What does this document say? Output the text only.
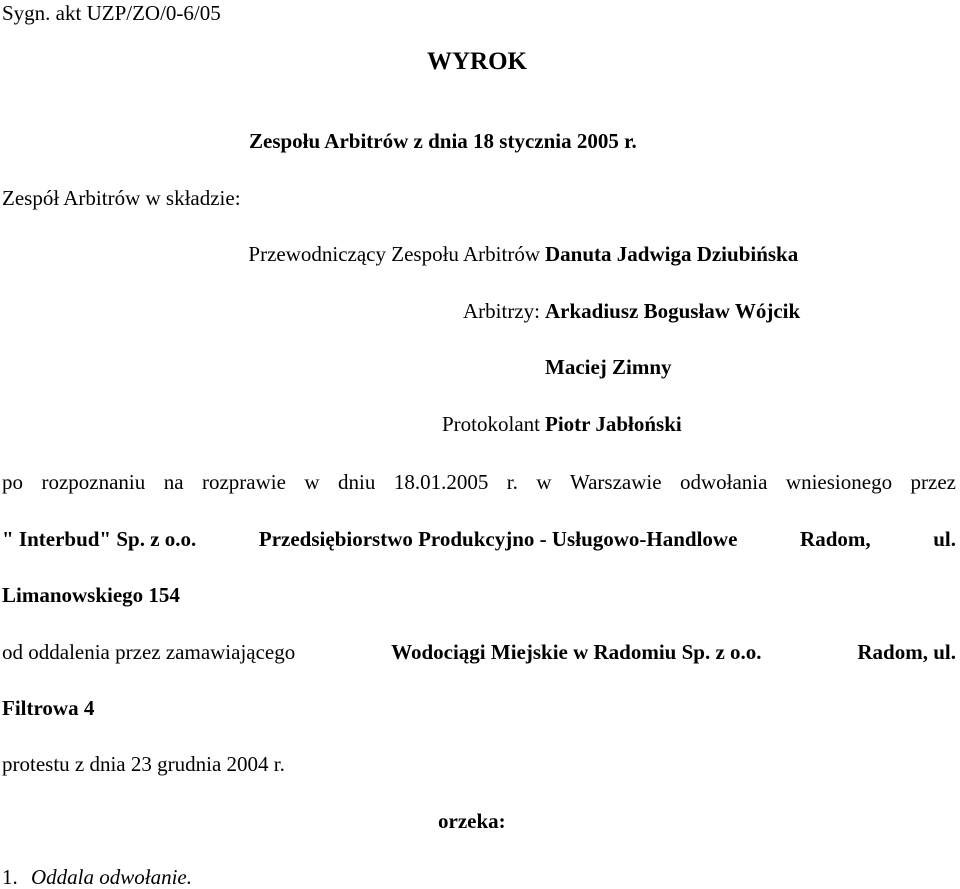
Sygn. akt UZP/ZO/0-6/05
WYROK
Zespołu Arbitrów z dnia 18 stycznia 2005 r.
Zespół Arbitrów w składzie:
Przewodniczący Zespołu Arbitrów Danuta Jadwiga Dziubińska
Arbitrzy: Arkadiusz Bogusław Wójcik
Maciej Zimny
Protokolant Piotr Jabłoński
po rozpoznaniu na rozprawie w dniu 18.01.2005 r. w Warszawie odwołania wniesionego przez
" Interbud" Sp. z o.o.	Przedsiębiorstwo Produkcyjno - Usługowo-Handlowe	Radom,	ul.
Limanowskiego 154
od oddalenia przez zamawiającego	Wodociągi Miejskie w Radomiu Sp. z o.o.	Radom, ul.
Filtrowa 4
protestu z dnia 23 grudnia 2004 r.
orzeka:
1. Oddala odwołanie.
